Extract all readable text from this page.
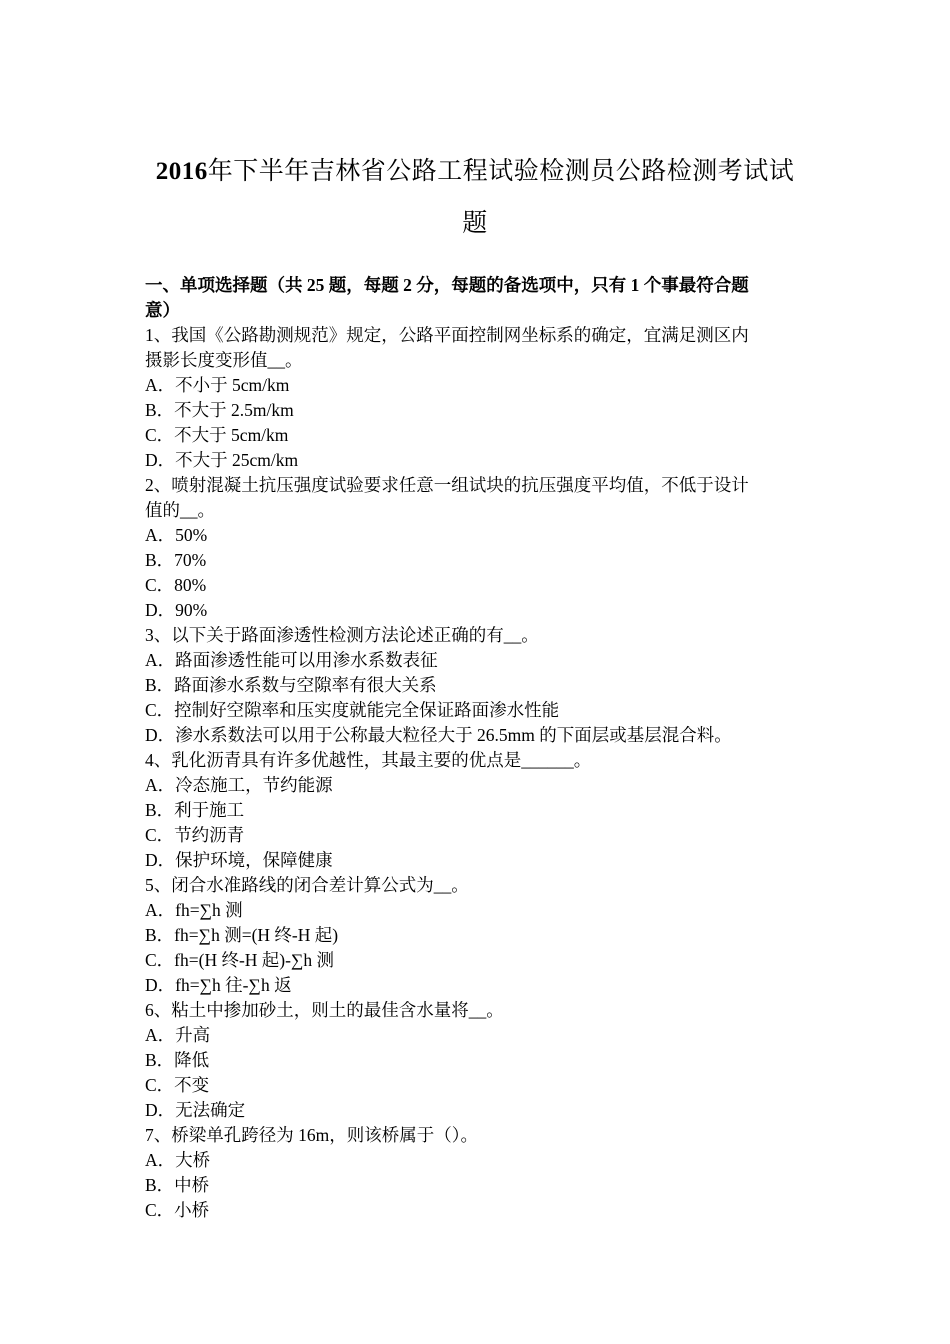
2016年下半年吉林省公路工程试验检测员公路检测考试试
题
一、单项选择题（共 25 题，每题 2 分，每题的备选项中，只有 1 个事最符合题
意）
1、我国《公路勘测规范》规定，公路平面控制网坐标系的确定，宜满足测区内
摄影长度变形值__。
A．不小于 5cm/km
B．不大于 2.5m/km
C．不大于 5cm/km
D．不大于 25cm/km
2、喷射混凝土抗压强度试验要求任意一组试块的抗压强度平均值，不低于设计
值的__。
A．50%
B．70%
C．80%
D．90%
3、以下关于路面渗透性检测方法论述正确的有__。
A．路面渗透性能可以用渗水系数表征
B．路面渗水系数与空隙率有很大关系
C．控制好空隙率和压实度就能完全保证路面渗水性能
D．渗水系数法可以用于公称最大粒径大于 26.5mm 的下面层或基层混合料。
4、乳化沥青具有许多优越性，其最主要的优点是______。
A．冷态施工，节约能源
B．利于施工
C．节约沥青
D．保护环境，保障健康
5、闭合水准路线的闭合差计算公式为__。
A．fh=∑h 测
B．fh=∑h 测=(H 终-H 起)
C．fh=(H 终-H 起)-∑h 测
D．fh=∑h 往-∑h 返
6、粘土中掺加砂土，则土的最佳含水量将__。
A．升高
B．降低
C．不变
D．无法确定
7、桥梁单孔跨径为 16m，则该桥属于（）。
A．大桥
B．中桥
C．小桥
